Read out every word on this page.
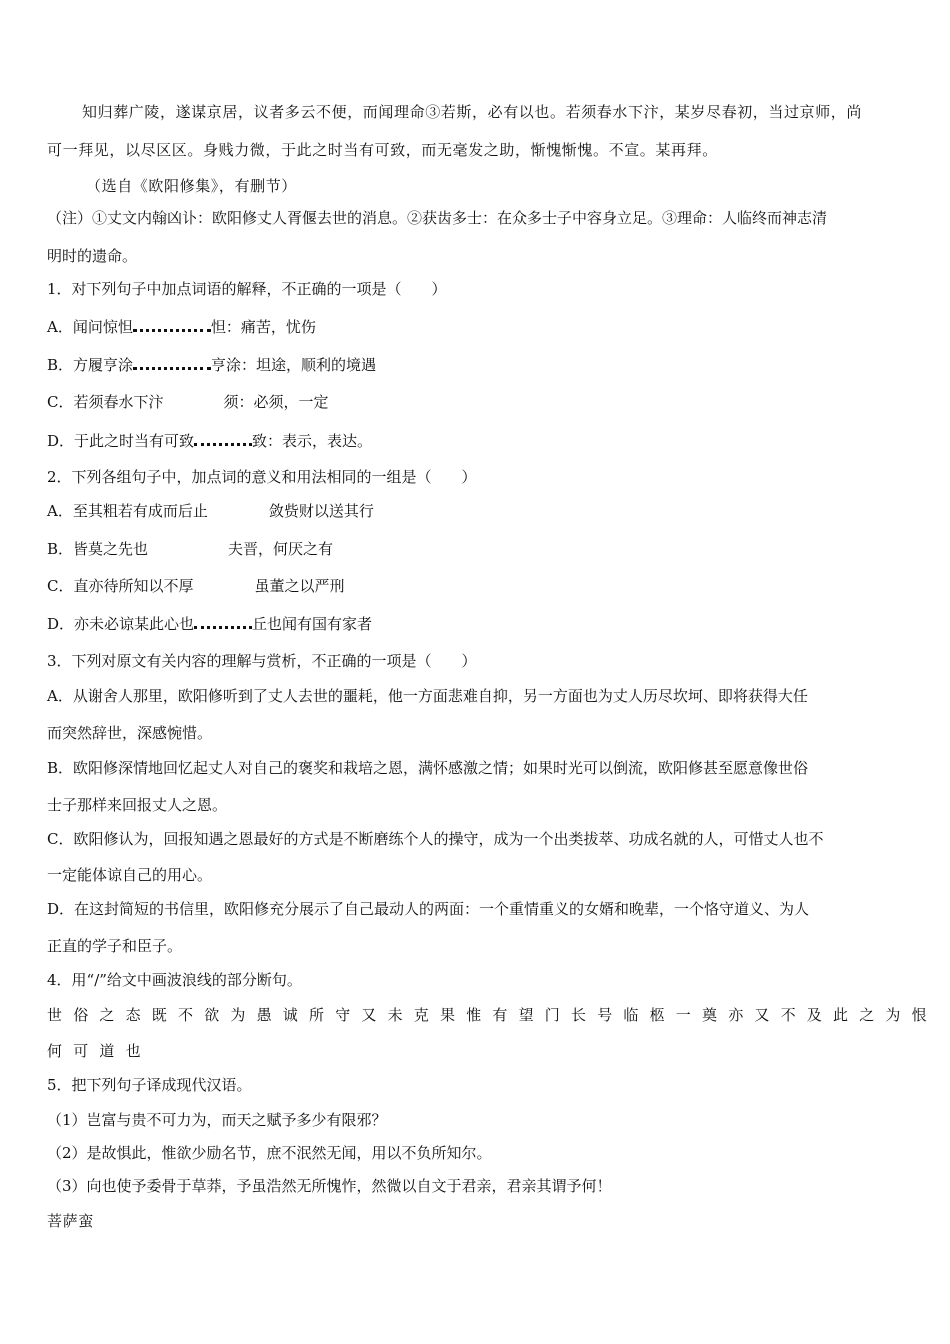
知归葬广陵，遂谋京居，议者多云不便，而闻理命③若斯，必有以也。若须春水下汴，某岁尽春初，当过京师，尚
可一拜见，以尽区区。身贱力微，于此之时当有可致，而无毫发之助，惭愧惭愧。不宣。某再拜。
（选自《欧阳修集》，有删节）
（注）①丈文内翰凶讣：欧阳修丈人胥偃去世的消息。②获齿多士：在众多士子中容身立足。③理命：人临终而神志清
明时的遗命。
1．对下列句子中加点词语的解释，不正确的一项是（　　）
A．闻问惊怛	怛：痛苦，忧伤
B．方履亨涂	亨涂：坦途，顺利的境遇
C．若须春水下汴	须：必须，一定
D．于此之时当有可致	致：表示，表达。
2．下列各组句子中，加点词的意义和用法相同的一组是（　　）
A．至其粗若有成而后止	敛赀财以送其行
B．皆莫之先也	夫晋，何厌之有
C．直亦待所知以不厚	虽董之以严刑
D．亦未必谅某此心也	丘也闻有国有家者
3．下列对原文有关内容的理解与赏析，不正确的一项是（　　）
A．从谢舍人那里，欧阳修听到了丈人去世的噩耗，他一方面悲难自抑，另一方面也为丈人历尽坎坷、即将获得大任
而突然辞世，深感惋惜。
B．欧阳修深情地回忆起丈人对自己的褒奖和栽培之恩，满怀感激之情；如果时光可以倒流，欧阳修甚至愿意像世俗
士子那样来回报丈人之恩。
C．欧阳修认为，回报知遇之恩最好的方式是不断磨练个人的操守，成为一个出类拔萃、功成名就的人，可惜丈人也不
一定能体谅自己的用心。
D．在这封简短的书信里，欧阳修充分展示了自己最动人的两面：一个重情重义的女婿和晚辈，一个恪守道义、为人
正直的学子和臣子。
4．用“/”给文中画波浪线的部分断句。
世俗之态既不欲为愚诚所守又未克果惟有望门长号临柩一奠亦又不及此之为恨
何可道也
5．把下列句子译成现代汉语。
（1）岂富与贵不可力为，而天之赋予多少有限邪？
（2）是故惧此，惟欲少励名节，庶不泯然无闻，用以不负所知尔。
（3）向也使予委骨于草莽，予虽浩然无所愧怍，然微以自文于君亲，君亲其谓予何！
菩萨蛮
